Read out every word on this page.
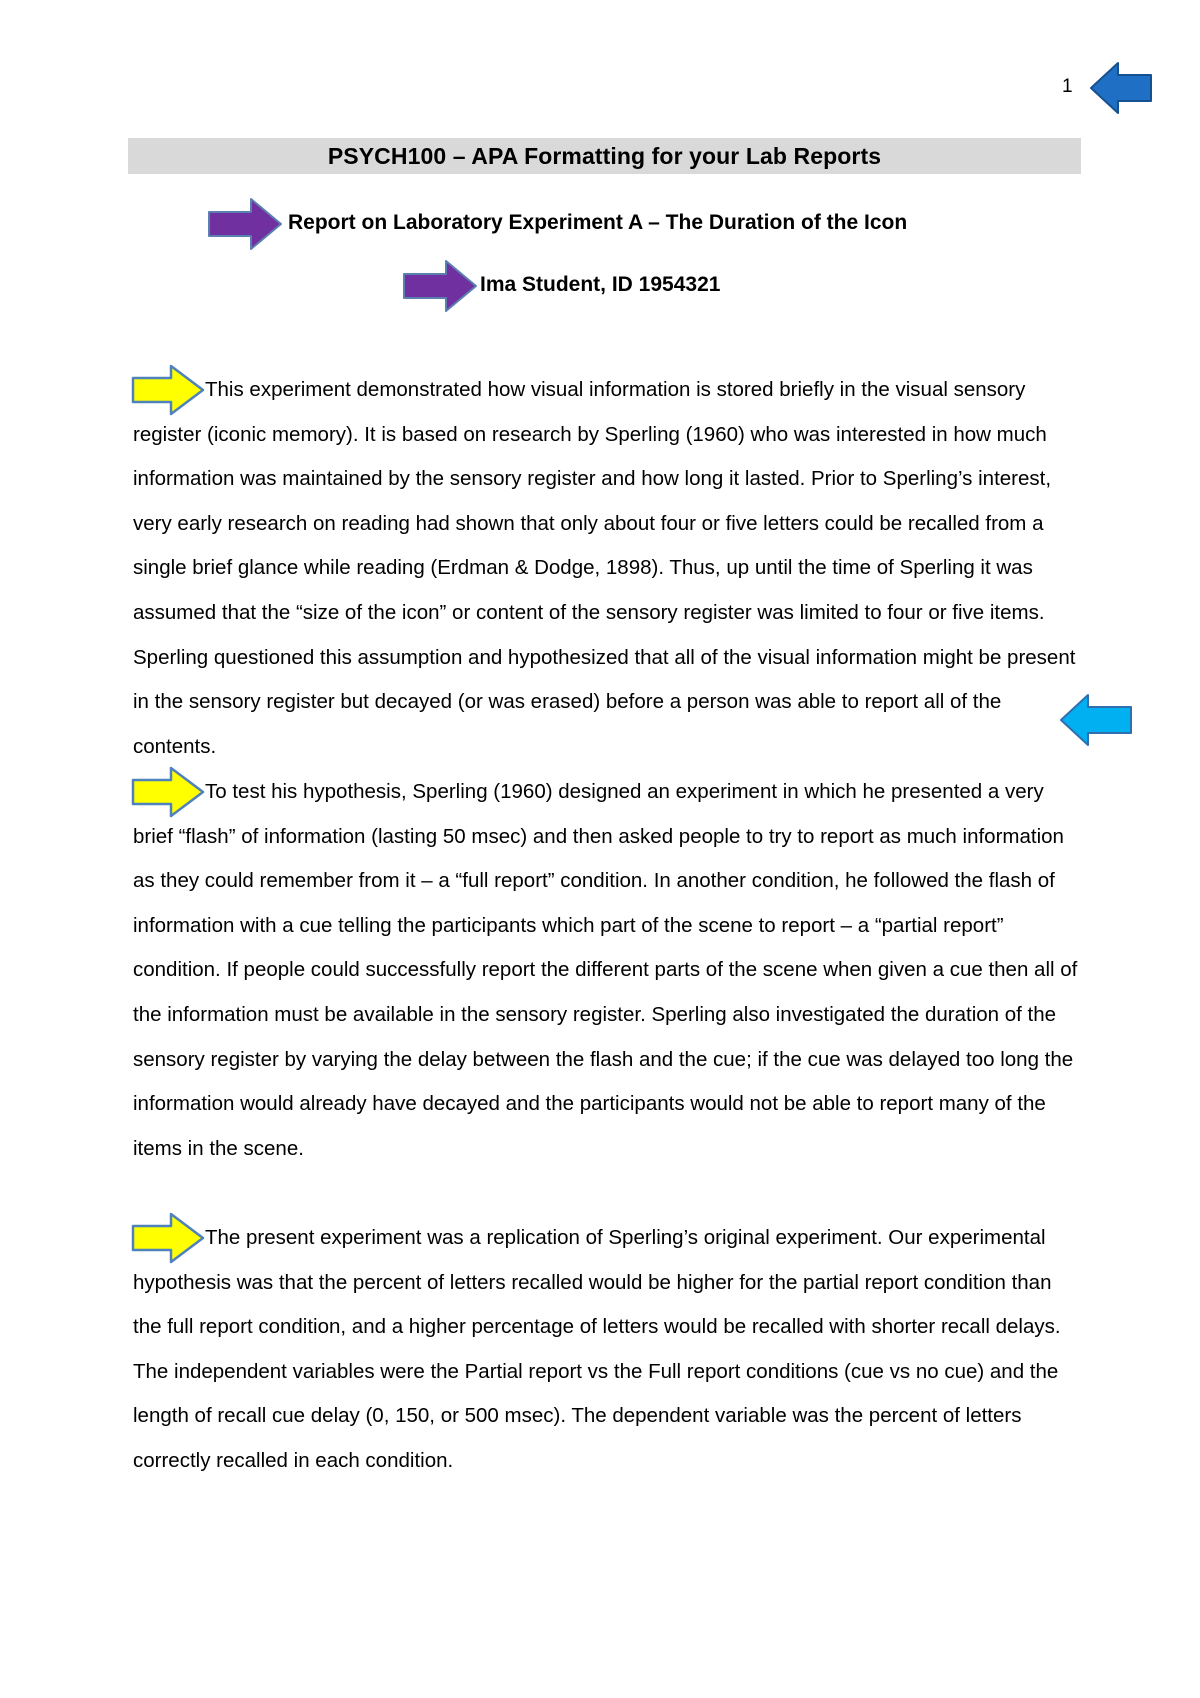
1
PSYCH100 – APA Formatting for your Lab Reports
Report on Laboratory Experiment A – The Duration of the Icon
Ima Student, ID 1954321

This experiment demonstrated how visual information is stored briefly in the visual sensory register (iconic memory). It is based on research by Sperling (1960) who was interested in how much information was maintained by the sensory register and how long it lasted. Prior to Sperling’s interest, very early research on reading had shown that only about four or five letters could be recalled from a single brief glance while reading (Erdman & Dodge, 1898). Thus, up until the time of Sperling it was assumed that the “size of the icon” or content of the sensory register was limited to four or five items. Sperling questioned this assumption and hypothesized that all of the visual information might be present in the sensory register but decayed (or was erased) before a person was able to report all of the contents.

To test his hypothesis, Sperling (1960) designed an experiment in which he presented a very brief “flash” of information (lasting 50 msec) and then asked people to try to report as much information as they could remember from it – a “full report” condition. In another condition, he followed the flash of information with a cue telling the participants which part of the scene to report – a “partial report” condition. If people could successfully report the different parts of the scene when given a cue then all of the information must be available in the sensory register. Sperling also investigated the duration of the sensory register by varying the delay between the flash and the cue; if the cue was delayed too long the information would already have decayed and the participants would not be able to report many of the items in the scene.

The present experiment was a replication of Sperling’s original experiment. Our experimental hypothesis was that the percent of letters recalled would be higher for the partial report condition than the full report condition, and a higher percentage of letters would be recalled with shorter recall delays. The independent variables were the Partial report vs the Full report conditions (cue vs no cue) and the length of recall cue delay (0, 150, or 500 msec). The dependent variable was the percent of letters correctly recalled in each condition.
